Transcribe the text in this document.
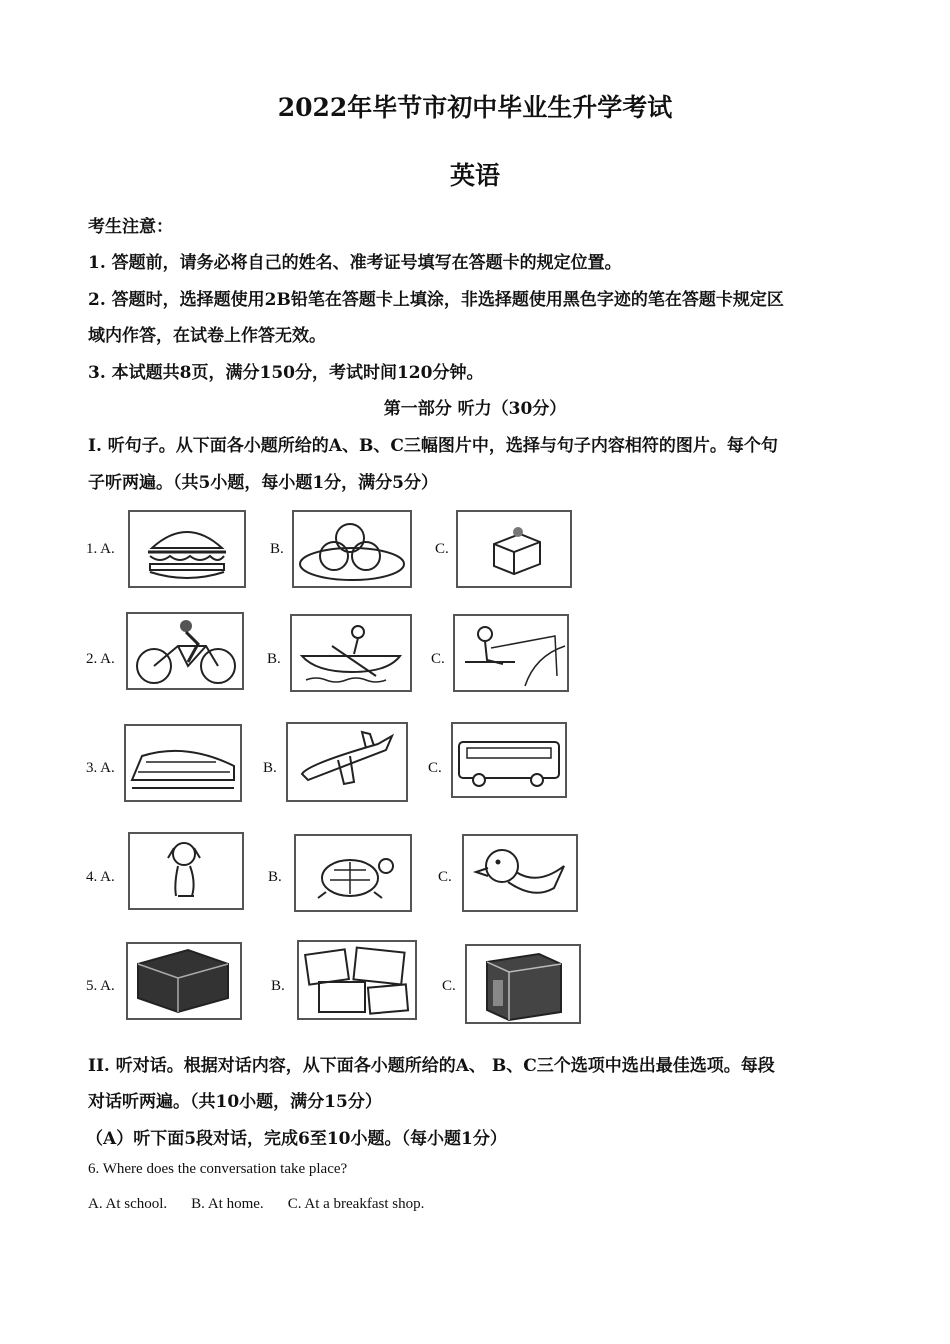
2022年毕节市初中毕业生升学考试
英语
考生注意：
1. 答题前，请务必将自己的姓名、准考证号填写在答题卡的规定位置。
2. 答题时，选择题使用2B铅笔在答题卡上填涂，非选择题使用黑色字迹的笔在答题卡规定区
域内作答，在试卷上作答无效。
3. 本试题共8页，满分150分，考试时间120分钟。
第一部分 听力（30分）
I. 听句子。从下面各小题所给的A、B、C三幅图片中，选择与句子内容相符的图片。每个句
子听两遍。（共5小题，每小题1分，满分5分）
1. A.	B.	C.
2. A.	B.	C.
3. A.	B.	C.
4. A.	B.	C.
5. A.	B.	C.
II. 听对话。根据对话内容，从下面各小题所给的A、 B、C三个选项中选出最佳选项。每段
对话听两遍。（共10小题，满分15分）
（A）听下面5段对话，完成6至10小题。（每小题1分）
6. Where does the conversation take place?
A. At school. B. At home. C. At a breakfast shop.
